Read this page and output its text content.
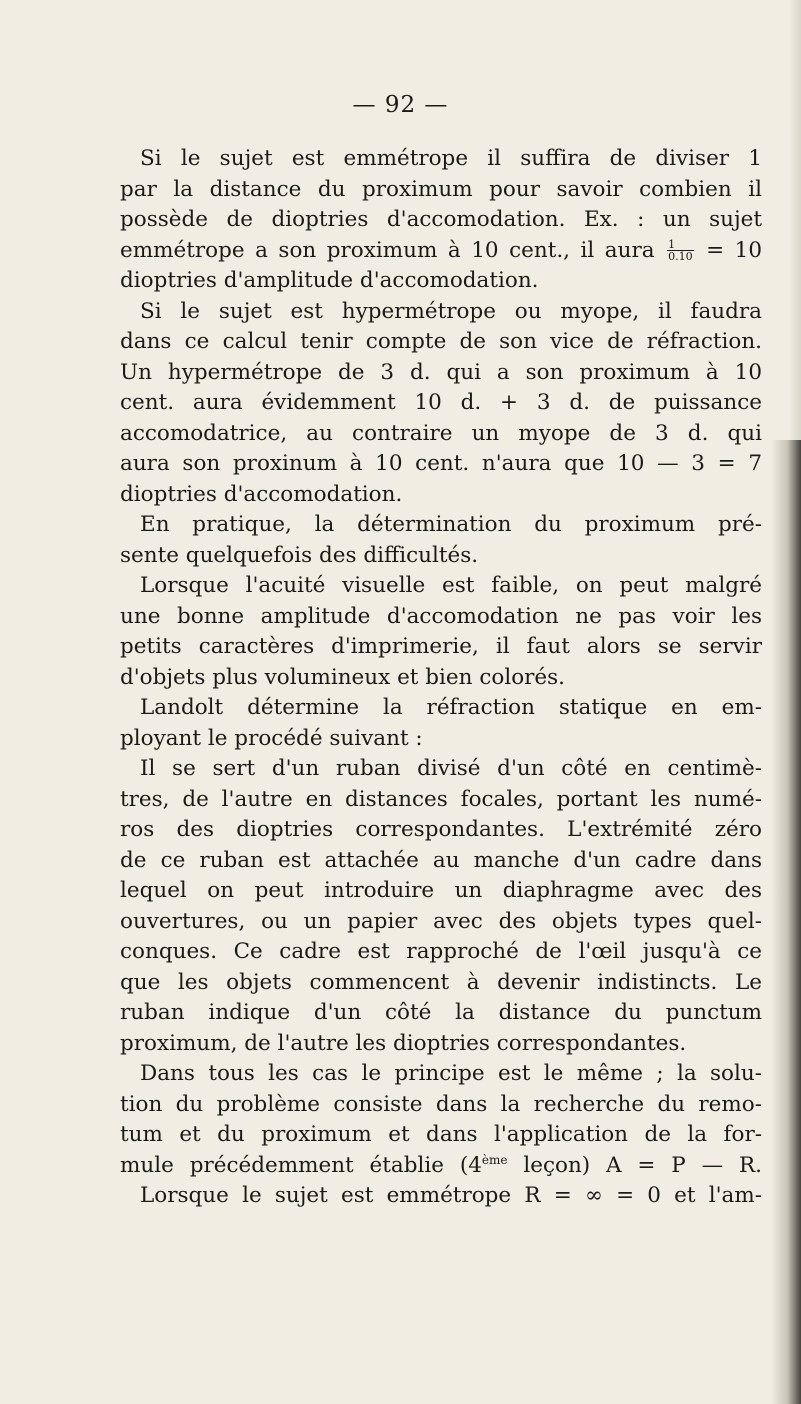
— 92 —
Si le sujet est emmétrope il suffira de diviser 1
par la distance du proximum pour savoir combien il
possède de dioptries d'accomodation. Ex. : un sujet
emmétrope a son proximum à 10 cent., il aura $\frac{1}{0.10} = 10$
dioptries d'amplitude d'accomodation.
Si le sujet est hypermétrope ou myope, il faudra
dans ce calcul tenir compte de son vice de réfraction.
Un hypermétrope de 3 d. qui a son proximum à 10
cent. aura évidemment 10 d. + 3 d. de puissance
accomodatrice, au contraire un myope de 3 d. qui
aura son proxinum à 10 cent. n'aura que 10 — 3 = 7
dioptries d'accomodation.
En pratique, la détermination du proximum pré-
sente quelquefois des difficultés.
Lorsque l'acuité visuelle est faible, on peut malgré
une bonne amplitude d'accomodation ne pas voir les
petits caractères d'imprimerie, il faut alors se servir
d'objets plus volumineux et bien colorés.
Landolt détermine la réfraction statique en em-
ployant le procédé suivant :
Il se sert d'un ruban divisé d'un côté en centimè-
tres, de l'autre en distances focales, portant les numé-
ros des dioptries correspondantes. L'extrémité zéro
de ce ruban est attachée au manche d'un cadre dans
lequel on peut introduire un diaphragme avec des
ouvertures, ou un papier avec des objets types quel-
conques. Ce cadre est rapproché de l'œil jusqu'à ce
que les objets commencent à devenir indistincts. Le
ruban indique d'un côté la distance du punctum
proximum, de l'autre les dioptries correspondantes.
Dans tous les cas le principe est le même ; la solu-
tion du problème consiste dans la recherche du remo-
tum et du proximum et dans l'application de la for-
mule précédemment établie (4ème leçon) A = P — R.
Lorsque le sujet est emmétrope R = ∞ = 0 et l'am-
